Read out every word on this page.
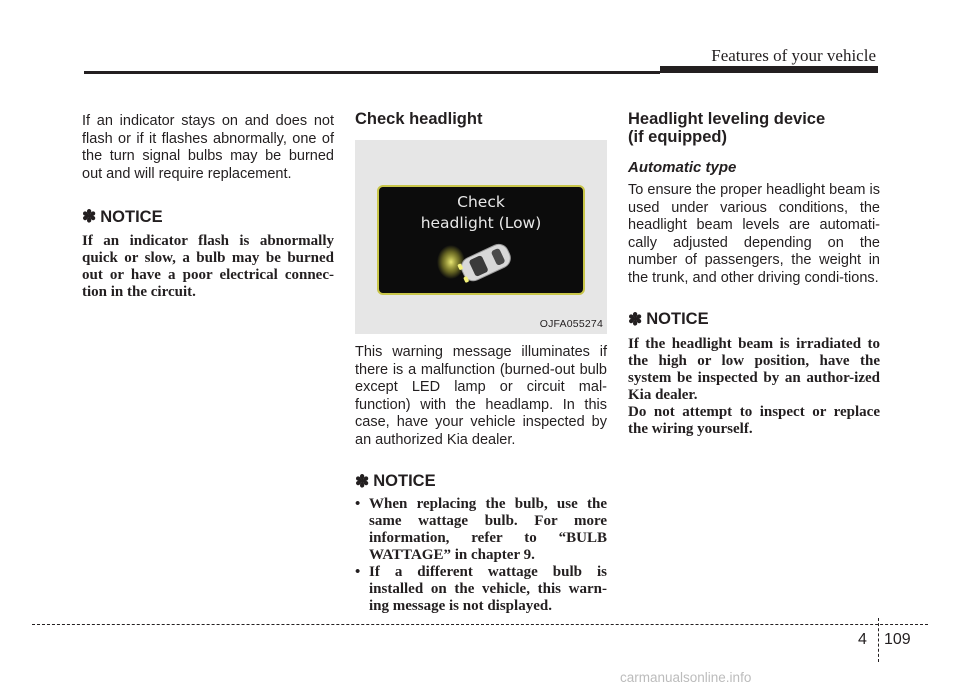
Features of your vehicle

If an indicator stays on and does not flash or if it flashes abnormally, one of the turn signal bulbs may be burned out and will require replacement.

✽ NOTICE

If an indicator flash is abnormally quick or slow, a bulb may be burned out or have a poor electrical connec-tion in the circuit.

Check headlight

Check
headlight (Low)
OJFA055274

This warning message illuminates if there is a malfunction (burned-out bulb except LED lamp or circuit mal-function) with the headlamp. In this case, have your vehicle inspected by an authorized Kia dealer.

✽ NOTICE
• When replacing the bulb, use the same wattage bulb. For more information, refer to “BULB WATTAGE” in chapter 9.
• If a different wattage bulb is installed on the vehicle, this warn-ing message is not displayed.

Headlight leveling device

(if equipped)

Automatic type

To ensure the proper headlight beam is used under various conditions, the headlight beam levels are automati-cally adjusted depending on the number of passengers, the weight in the trunk, and other driving condi-tions.

✽ NOTICE

If the headlight beam is irradiated to the high or low position, have the system be inspected by an author-ized Kia dealer.

Do not attempt to inspect or replace the wiring yourself.

4 109
carmanualsonline.info
